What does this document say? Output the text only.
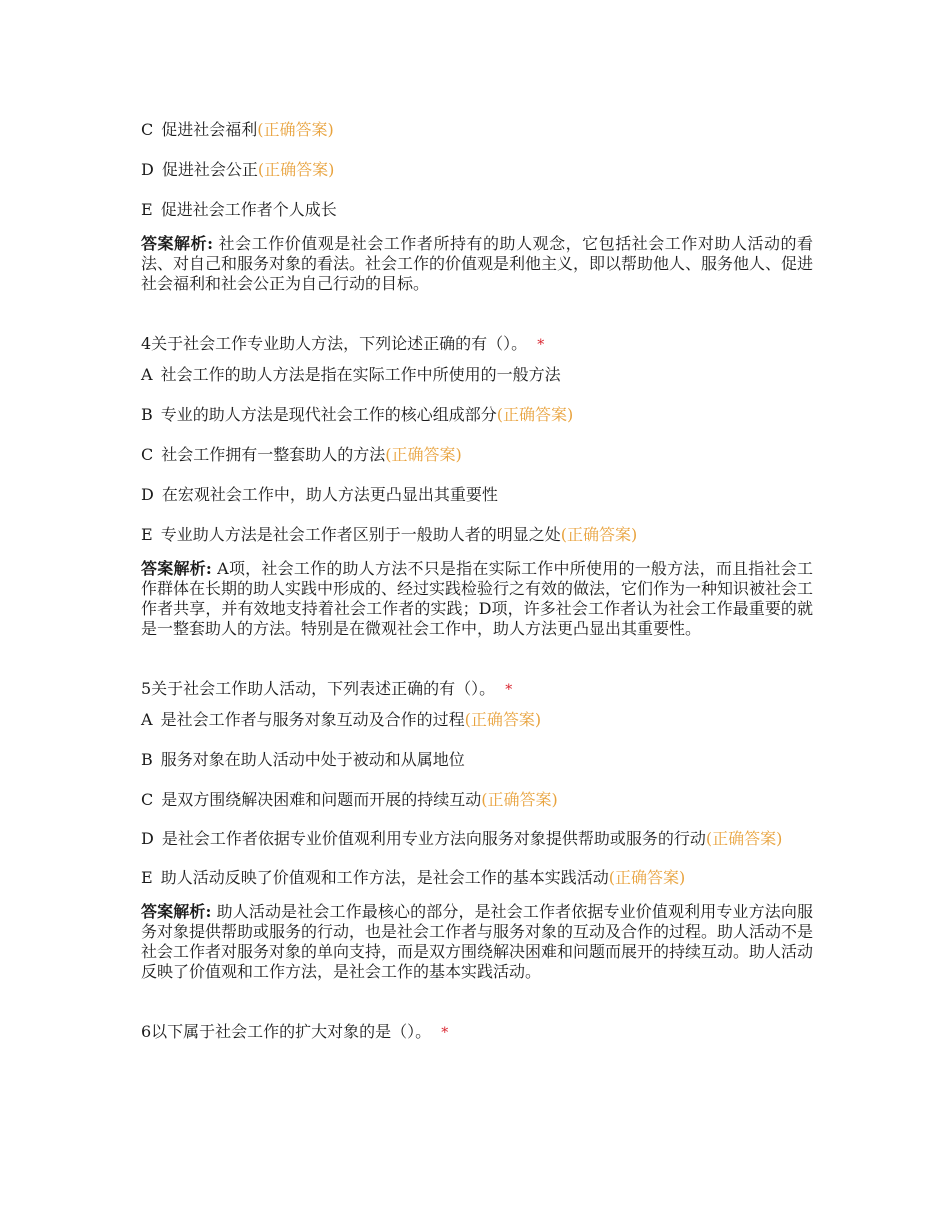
C 促进社会福利(正确答案)
D 促进社会公正(正确答案)
E 促进社会工作者个人成长
答案解析: 社会工作价值观是社会工作者所持有的助人观念，它包括社会工作对助人活动的看法、对自己和服务对象的看法。社会工作的价值观是利他主义，即以帮助他人、服务他人、促进社会福利和社会公正为自己行动的目标。
4关于社会工作专业助人方法，下列论述正确的有（）。 *
A 社会工作的助人方法是指在实际工作中所使用的一般方法
B 专业的助人方法是现代社会工作的核心组成部分(正确答案)
C 社会工作拥有一整套助人的方法(正确答案)
D 在宏观社会工作中，助人方法更凸显出其重要性
E 专业助人方法是社会工作者区别于一般助人者的明显之处(正确答案)
答案解析: A项，社会工作的助人方法不只是指在实际工作中所使用的一般方法，而且指社会工作群体在长期的助人实践中形成的、经过实践检验行之有效的做法，它们作为一种知识被社会工作者共享，并有效地支持着社会工作者的实践；D项，许多社会工作者认为社会工作最重要的就是一整套助人的方法。特别是在微观社会工作中，助人方法更凸显出其重要性。
5关于社会工作助人活动，下列表述正确的有（）。 *
A 是社会工作者与服务对象互动及合作的过程(正确答案)
B 服务对象在助人活动中处于被动和从属地位
C 是双方围绕解决困难和问题而开展的持续互动(正确答案)
D 是社会工作者依据专业价值观利用专业方法向服务对象提供帮助或服务的行动(正确答案)
E 助人活动反映了价值观和工作方法，是社会工作的基本实践活动(正确答案)
答案解析: 助人活动是社会工作最核心的部分，是社会工作者依据专业价值观利用专业方法向服务对象提供帮助或服务的行动，也是社会工作者与服务对象的互动及合作的过程。助人活动不是社会工作者对服务对象的单向支持，而是双方围绕解决困难和问题而展开的持续互动。助人活动反映了价值观和工作方法，是社会工作的基本实践活动。
6以下属于社会工作的扩大对象的是（）。 *
